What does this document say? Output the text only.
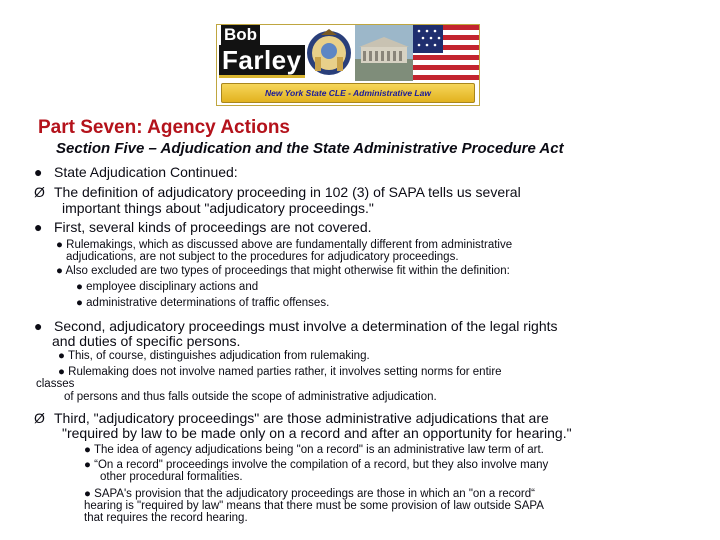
Bob
Farley
New York State CLE - Administrative Law
Part Seven: Agency Actions
Section Five – Adjudication and the State Administrative Procedure Act

● State Adjudication Continued:

Ø The definition of adjudicatory proceeding in 102 (3) of SAPA tells us several

important things about "adjudicatory proceedings."

● First, several kinds of proceedings are not covered.

● Rulemakings, which as discussed above are fundamentally different from administrative

adjudications, are not subject to the procedures for adjudicatory proceedings.

● Also excluded are two types of proceedings that might otherwise fit within the definition:

● employee disciplinary actions and

● administrative determinations of traffic offenses.

● Second, adjudicatory proceedings must involve a determination of the legal rights

and duties of specific persons.

● This, of course, distinguishes adjudication from rulemaking.

● Rulemaking does not involve named parties rather, it involves setting norms for entire

classes

of persons and thus falls outside the scope of administrative adjudication.

Ø Third, "adjudicatory proceedings" are those administrative adjudications that are

"required by law to be made only on a record and after an opportunity for hearing."

● The idea of agency adjudications being "on a record" is an administrative law term of art.

● “On a record" proceedings involve the compilation of a record, but they also involve many

other procedural formalities.

● SAPA's provision that the adjudicatory proceedings are those in which an "on a record“

hearing is "required by law" means that there must be some provision of law outside SAPA

that requires the record hearing.
